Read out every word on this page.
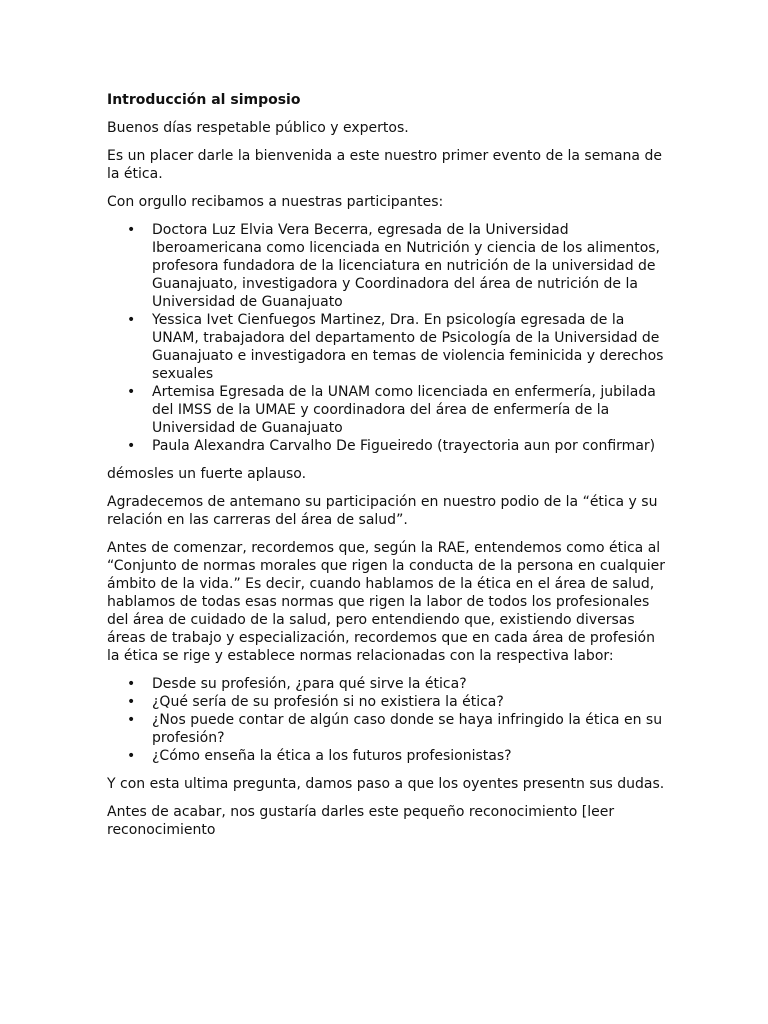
Introducción al simposio

Buenos días respetable público y expertos.

Es un placer darle la bienvenida a este nuestro primer evento de la semana de la ética.

Con orgullo recibamos a nuestras participantes:

• Doctora Luz Elvia Vera Becerra, egresada de la Universidad Iberoamericana como licenciada en Nutrición y ciencia de los alimentos, profesora fundadora de la licenciatura en nutrición de la universidad de Guanajuato, investigadora y Coordinadora del área de nutrición de la Universidad de Guanajuato
• Yessica Ivet Cienfuegos Martinez, Dra. En psicología egresada de la UNAM, trabajadora del departamento de Psicología de la Universidad de Guanajuato e investigadora en temas de violencia feminicida y derechos sexuales
• Artemisa Egresada de la UNAM como licenciada en enfermería, jubilada del IMSS de la UMAE y coordinadora del área de enfermería de la Universidad de Guanajuato
• Paula Alexandra Carvalho De Figueiredo (trayectoria aun por confirmar)

démosles un fuerte aplauso.

Agradecemos de antemano su participación en nuestro podio de la “ética y su relación en las carreras del área de salud”.

Antes de comenzar, recordemos que, según la RAE, entendemos como ética al “Conjunto de normas morales que rigen la conducta de la persona en cualquier ámbito de la vida.” Es decir, cuando hablamos de la ética en el área de salud, hablamos de todas esas normas que rigen la labor de todos los profesionales del área de cuidado de la salud, pero entendiendo que, existiendo diversas áreas de trabajo y especialización, recordemos que en cada área de profesión la ética se rige y establece normas relacionadas con la respectiva labor:

• Desde su profesión, ¿para qué sirve la ética?
• ¿Qué sería de su profesión si no existiera la ética?
• ¿Nos puede contar de algún caso donde se haya infringido la ética en su profesión?
• ¿Cómo enseña la ética a los futuros profesionistas?

Y con esta ultima pregunta, damos paso a que los oyentes presentn sus dudas.

Antes de acabar, nos gustaría darles este pequeño reconocimiento [leer reconocimiento
